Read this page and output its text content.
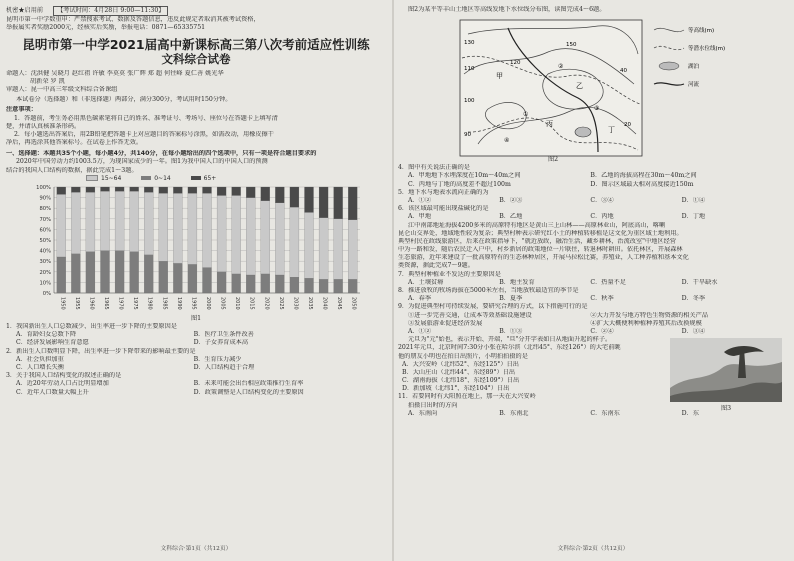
机密★启用前 【考试时间：4月28日 9:00—11:30】
昆明市第一中学数重申：严禁搜索考试、数据及答题信息，违反此规定者取消其被考试资格，
举报属实者奖励2000元，经核实后奖励，举报电话：0871—65335751
昆明市第一中学2021届高中新课标高三第八次考前适应性训练
文科综合试卷
命题人：沈洪健 吴晓月 赵红祖 许敏 李莫莫 张广辉 郑 超 何往峰 夏仁善 姚光华
胡新荣 罗 凯
审题人：昆一中高三年级文科综合备课组
本试卷分（选择题）和（非选择题）两部分，满分300分，考试用时150分钟。
注意事项：
1．答题前，考生务必用黑色碳素笔将自己的姓名、准考证号、考场号、座位号在答题卡上填写清
楚，并请认真核准条形码。
2．每小题选出答案后，用2B铅笔把答题卡上对应题目的答案标号涂黑，如需改动，用橡皮擦干
净后，再选涂其他答案标号。在试卷上作答无效。
一、选择题：本题共35个小题，每小题4分，共140分，在每小题给出的四个选项中，只有一项是符合题目要求的
2020年中国劳动力约1003.5万，为现国家成少的一年。图1为我中国人口的中国人口的预测
结合的我国人口结构的数据，据此完成1～3题。
15~64	0~14	65+
100%
90%
80%
70%
60%
50%
40%
30%
20%
10%
0%
1950 1955 1960 1965 1970 1975 1980 1985 1990 1995 2000 2005 2010 2015 2020 2025 2030 2035 2040 2045 2050
图1
1．我国新出生人口总数减少、出生率进一步下降的主要原因是
A．育龄妇女总数下降	B．医疗卫生条件改善
C．经济发展影响生育意愿	D．子女养育成本高
2．新出生人口数明显下降，出生率进一步下降带来的影响最主要的是
A．社会负担加重	B．生育压力减少
C．人口增长失衡	D．人口结构趋于合理
3．关于我国人口结构变化的叙述正确的是
A．近20年劳动人口占比明显增加	B．未来可能会出台相应政策推行生育率
C．近年人口数量大幅上升	D．政策调整是人口结构变化的主要原因
文科综合·第1页（共12页）
图2为某平等丰山土地区等高线发地下水位线分布图，读图完成4～6题。
甲
乙
丙
丁
①
②
③
④
130
110
100
90
120
150
40
20
等高线(m)
等潜水位线(m)
湖泊
河流
图2
4．图中有关说法正确的是
A．甲地地下水埋深度在10m～40m之间	B．乙地的海拔高程在30m～40m之间
C．丙地与丁地的高度差不超过100m	D．图示区域最大相对高度接近150m
5．地下水与地表水流向正确的为
A．①②	B．②③	C．③④	D．①④
6．该区域最可能出现盐碱化的是
A．甲地	B．乙地	C．丙地	D．丁地
江中南部地址海拔4200多米的高原特有地区是黄山三上山林——高原林业山，阿底高山，喀喇
昆仑山交界处，地域地性较为复杂；典型村种表示研究红小土的种植转移植是这文化为重区域土地利用。
典型村民在政线旅游区，后来在政策指导下，"就近放政，融冶生活，藏乡耕林，治流改室"中地区经营
中为一路和发，随后农民迁入户中，村乡新居的政策地位一片联住，转退林时耕田。依托林区，开展森林
生态旅游，近年来建设了一批高原特有的生态林种居区，开展马拉松比赛，养殖业，人工种养植和基本文化
类资源，据此完成7～9题。
7．典型村种植业不发达的主要原因是
A．土壤贫瘠	B．地主发育	C．热量不足	D．干旱缺水
8．推进放牧的牧场海拔在5000米左右，当地放牧最适宜的季节是
A．春季	B．夏季	C．秋季	D．冬季
9．为促进典型村可持续发展，要研究合理的方式，以下措施可行的是
①进一步完善交通，让成本等效基础设施建设	②大力开发与地方特色生物资源的相关产品
③发展旅游业促进经济发展	④扩大大概便利种植种养殖其后改换规模
A．①②	B．①③	C．②④	D．③④
元旦为"元"始也，表示开始、开端，"旦"分开字表如日从地面升起的样子。
2021年元旦，北京时间7:30分小张在哈尔滨（北纬45°、东经126°）的大宅前眺
他的朋友小明也在拍日出照片，小明拍拍摄的是
A．大兴安岭（北纬52°、东经125°）日出
B．大山庄山（北纬44°、东经89°）日出
C．湖南海拔（北纬18°、东经109°）日出
D．新加坡（北纬1°、东经104°）日出
11．若要同时有大阳照在地上，那一天在大兴安岭
拍摄日出时的方向
图3
A．东南向	B．东南北	C．东南东	D．东
文科综合·第2页（共12页）
